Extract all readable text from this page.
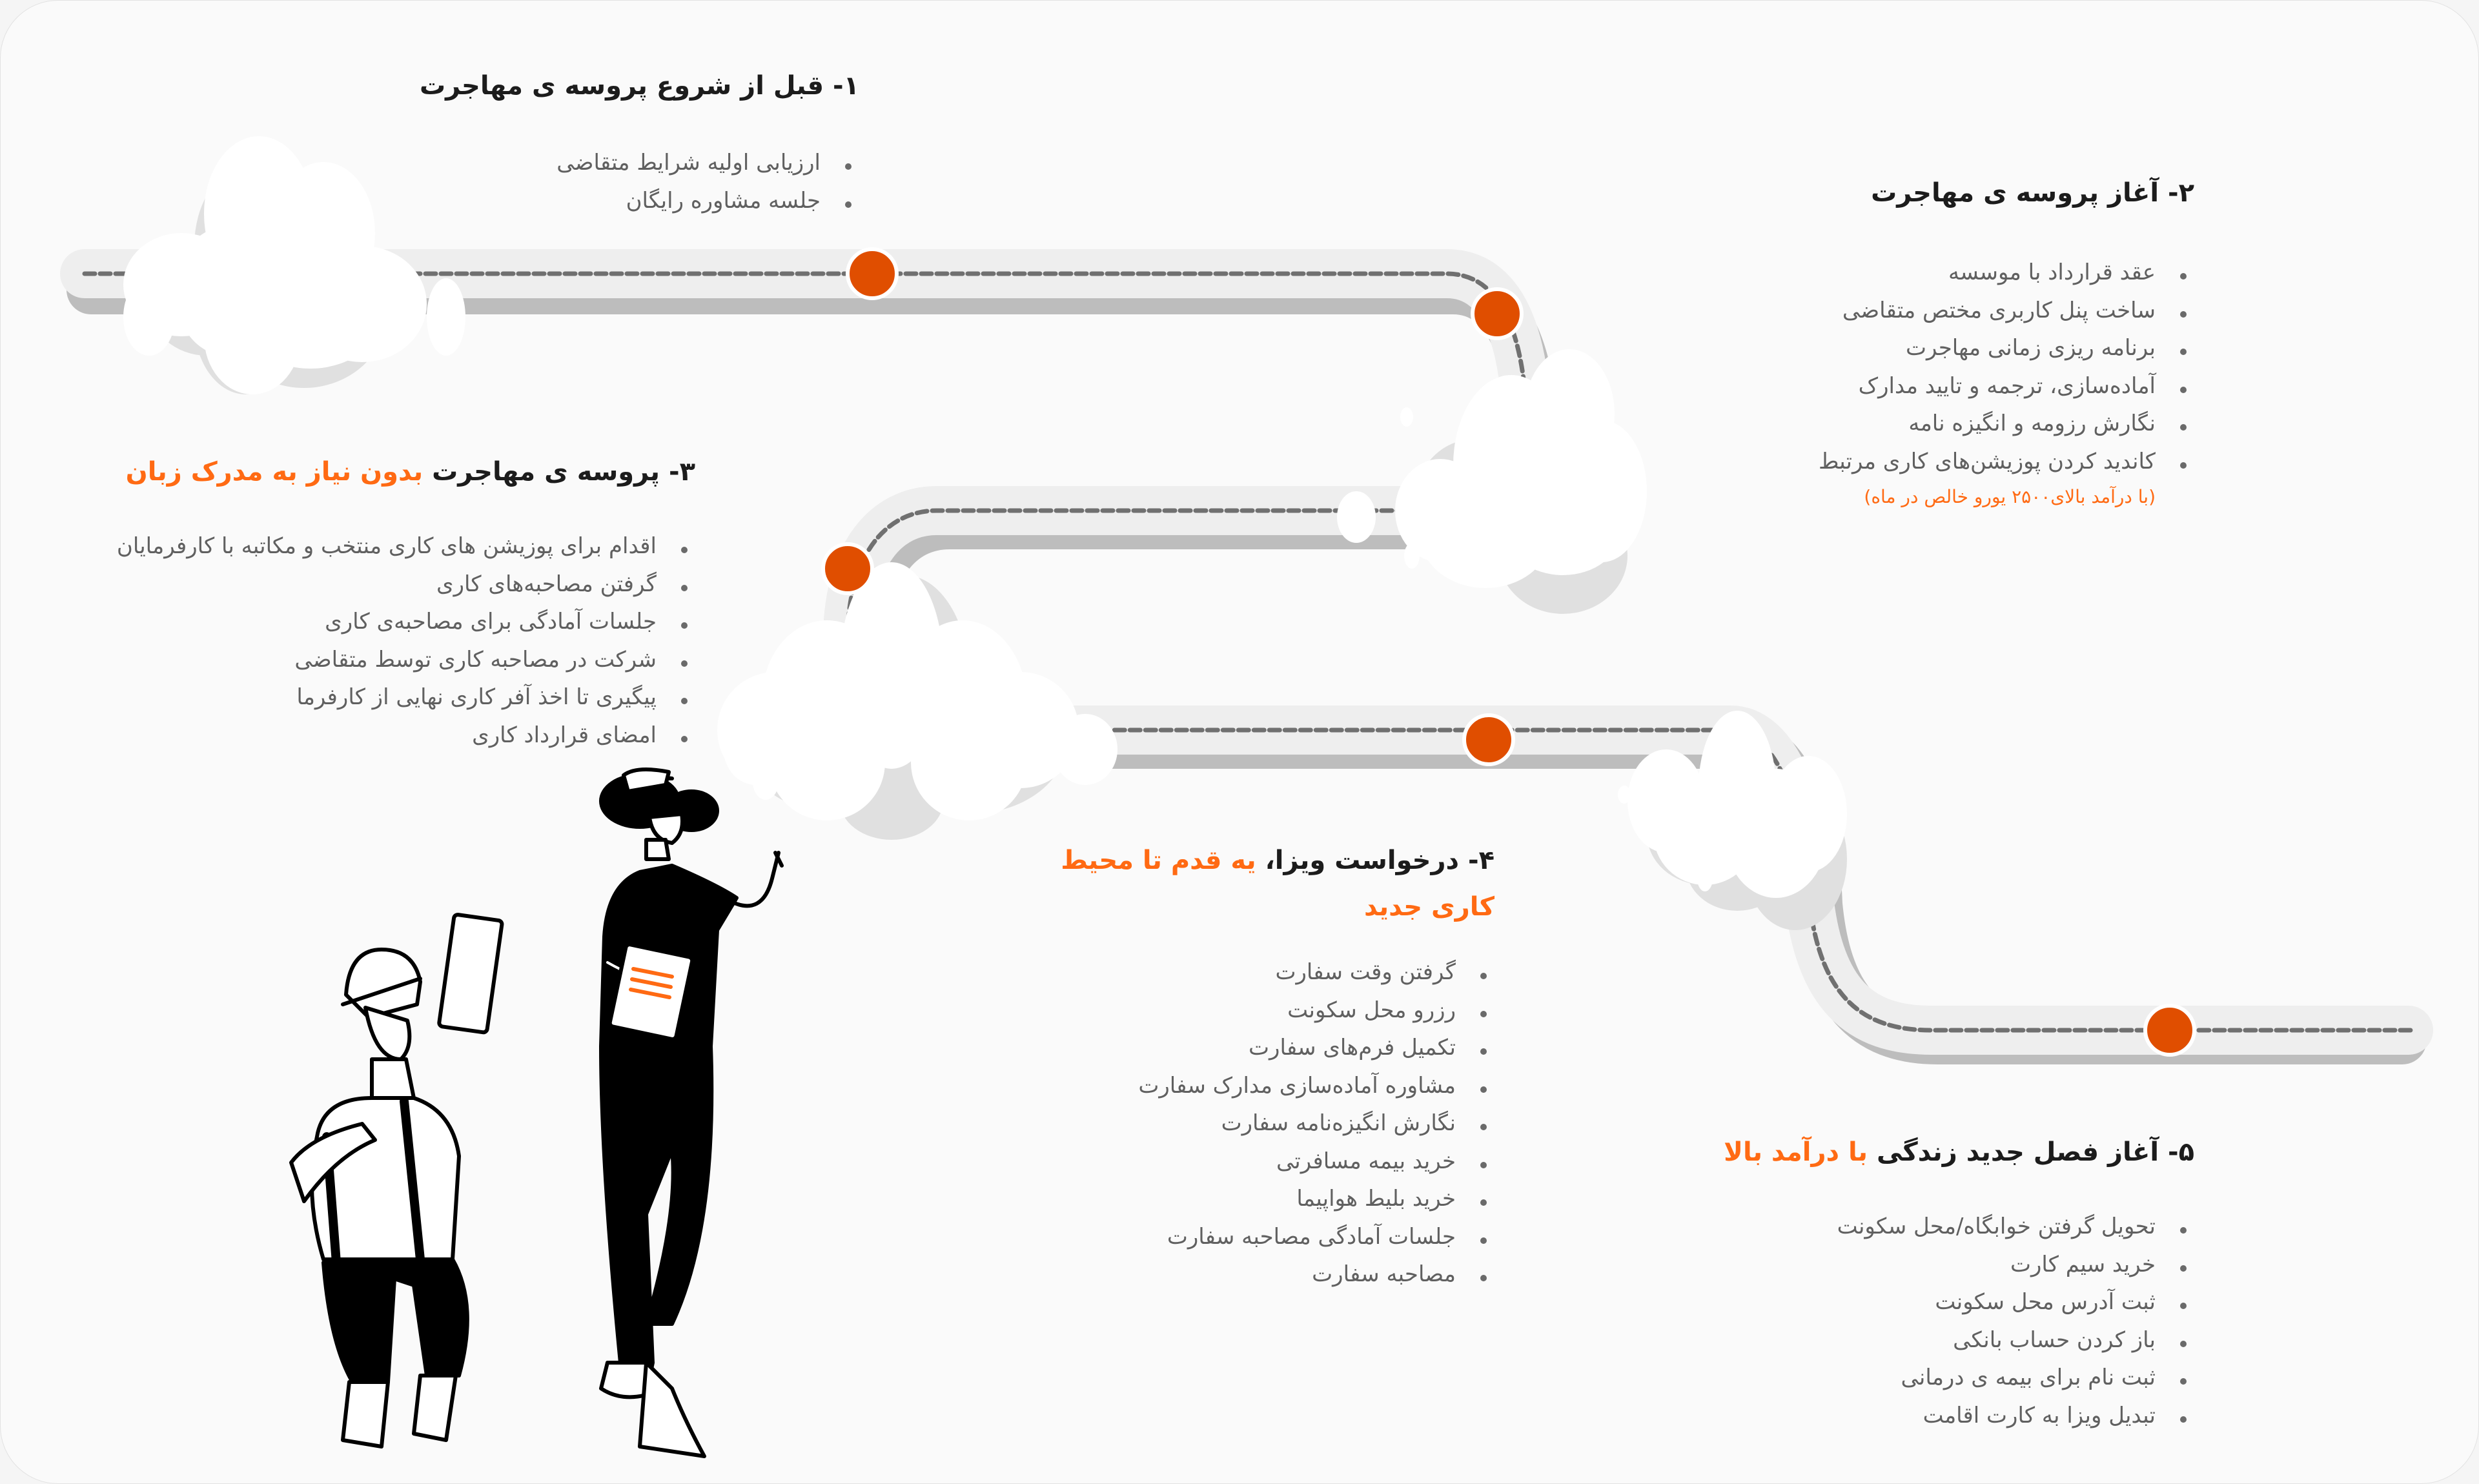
۱- قبل از شروع پروسه ی مهاجرت
ارزیابی اولیه شرایط متقاضی
جلسه مشاوره رایگان	۲- آغاز پروسه ی مهاجرت
عقد قرارداد با موسسه
ساخت پنل کاربری مختص متقاضی
برنامه ریزی زمانی مهاجرت
آماده‌سازی، ترجمه و تایید مدارک
نگارش رزومه و انگیزه نامه
کاندید کردن پوزیشن‌های کاری مرتبط
(با درآمد بالای۲۵۰۰ یورو خالص در ماه)
۳- پروسه ی مهاجرت بدون نیاز به مدرک زبان
اقدام برای پوزیشن های کاری منتخب و مکاتبه با کارفرمایان
گرفتن مصاحبه‌های کاری
جلسات آمادگی برای مصاحبه‌ی کاری
شرکت در مصاحبه کاری توسط متقاضی
پیگیری تا اخذ آفر کاری نهایی از کارفرما
امضای قرارداد کاری
۴- درخواست ویزا، یه قدم تا محیط کاری جدید
گرفتن وقت سفارت
رزرو محل سکونت
تکمیل فرم‌های سفارت
مشاوره آماده‌سازی مدارک سفارت
نگارش انگیزه‌نامه سفارت
خرید بیمه مسافرتی
خرید بلیط هواپیما
جلسات آمادگی مصاحبه سفارت
مصاحبه سفارت
۵- آغاز فصل جدید زندگی با درآمد بالا
تحویل گرفتن خوابگاه/محل سکونت
خرید سیم کارت
ثبت آدرس محل سکونت
باز کردن حساب بانکی
ثبت نام برای بیمه ی درمانی
تبدیل ویزا به کارت اقامت
